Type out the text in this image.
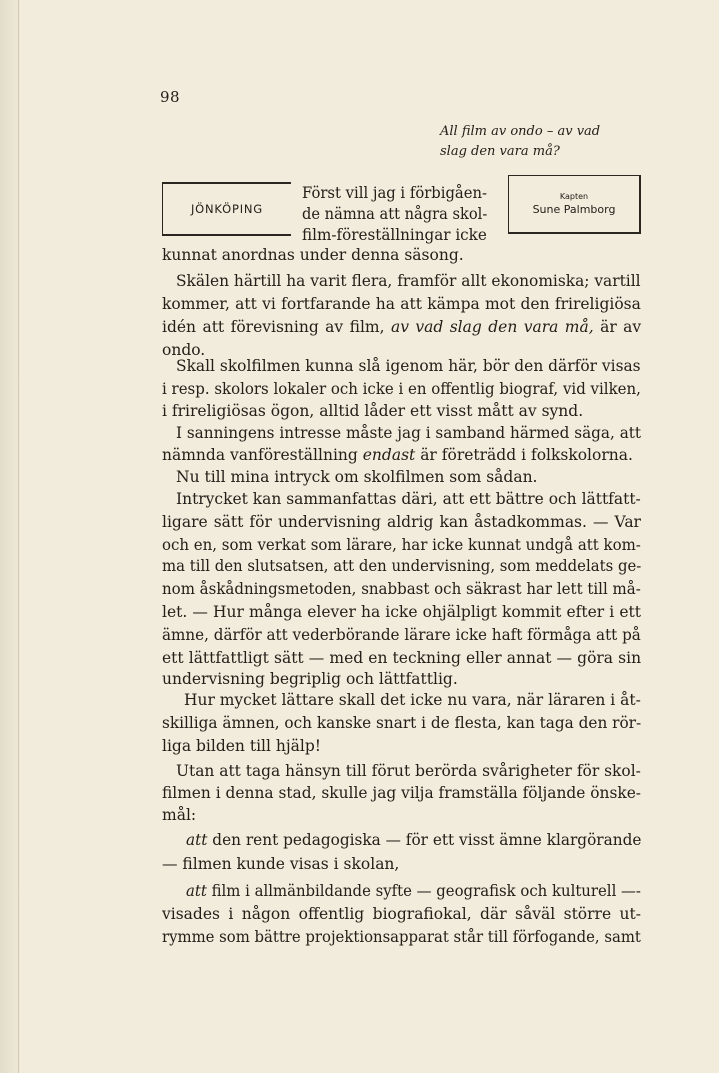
98
All film av ondo – av vad
slag den vara må?
JÖNKÖPING
Kapten
Sune Palmborg
Först vill jag i förbigåen-
de nämna att några skol-
film-föreställningar icke
kunnat anordnas under denna säsong.
Skälen härtill ha varit flera, framför allt ekonomiska; vartill
kommer, att vi fortfarande ha att kämpa mot den frireligiösa
idén att förevisning av film, av vad slag den vara må, är av
ondo.
Skall skolfilmen kunna slå igenom här, bör den därför visas
i resp. skolors lokaler och icke i en offentlig biograf, vid vilken,
i frireligiösas ögon, alltid låder ett visst mått av synd.
I sanningens intresse måste jag i samband härmed säga, att
nämnda vanföreställning endast är företrädd i folkskolorna.
Nu till mina intryck om skolfilmen som sådan.
Intrycket kan sammanfattas däri, att ett bättre och lättfatt-
ligare sätt för undervisning aldrig kan åstadkommas. — Var
och en, som verkat som lärare, har icke kunnat undgå att kom-
ma till den slutsatsen, att den undervisning, som meddelats ge-
nom åskådningsmetoden, snabbast och säkrast har lett till må-
let. — Hur många elever ha icke ohjälpligt kommit efter i ett
ämne, därför att vederbörande lärare icke haft förmåga att på
ett lättfattligt sätt — med en teckning eller annat — göra sin
undervisning begriplig och lättfattlig.
Hur mycket lättare skall det icke nu vara, när läraren i åt-
skilliga ämnen, och kanske snart i de flesta, kan taga den rör-
liga bilden till hjälp!
Utan att taga hänsyn till förut berörda svårigheter för skol-
filmen i denna stad, skulle jag vilja framställa följande önske-
mål:
att den rent pedagogiska — för ett visst ämne klargörande
— filmen kunde visas i skolan,
att film i allmänbildande syfte — geografisk och kulturell —-
visades i någon offentlig biografiokal, där såväl större ut-
rymme som bättre projektionsapparat står till förfogande, samt
